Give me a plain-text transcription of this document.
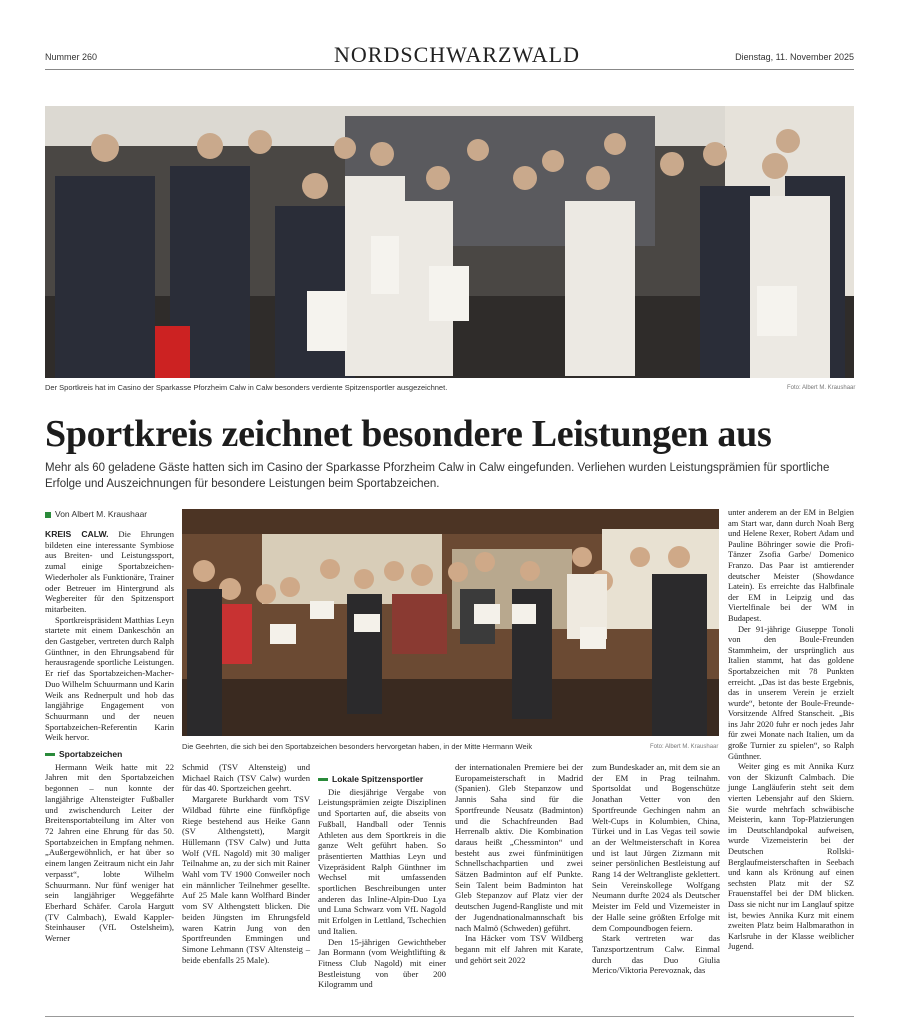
Nummer 260	NORDSCHWARZWALD	Dienstag, 11. November 2025
Der Sportkreis hat im Casino der Sparkasse Pforzheim Calw in Calw besonders verdiente Spitzensportler ausgezeichnet.	Foto: Albert M. Kraushaar
Sportkreis zeichnet besondere Leistungen aus
Mehr als 60 geladene Gäste hatten sich im Casino der Sparkasse Pforzheim Calw in Calw eingefunden. Verliehen wurden Leistungsprämien für sportliche Erfolge und Auszeichnungen für besondere Leistungen beim Sportabzeichen.
Von Albert M. Kraushaar
Die Geehrten, die sich bei den Sportabzeichen besonders hervorgetan haben, in der Mitte Hermann Weik	Foto: Albert M. Kraushaar

KREIS CALW. Die Ehrungen bildeten eine interessante Symbiose aus Breiten- und Leistungssport, zumal einige Sportabzeichen-Wiederholer als Funktionäre, Trainer oder Betreuer im Hintergrund als Wegbereiter für den Spitzensport mitarbeiten.

Sportkreispräsident Matthias Leyn startete mit einem Dankeschön an den Gastgeber, vertreten durch Ralph Günthner, in den Ehrungsabend für herausragende sportliche Leistungen. Er rief das Sportabzeichen-Macher-Duo Wilhelm Schuurmann und Karin Weik ans Rednerpult und hob das langjährige Engagement von Schuurmann und der neuen Sportabzeichen-Referentin Karin Weik hervor.

Sportabzeichen

Hermann Weik hatte mit 22 Jahren mit den Sportabzeichen begonnen – nun konnte der langjährige Altensteigter Fußballer und zwischendurch Leiter der Breitensportabteilung im Alter von 72 Jahren eine Ehrung für das 50. Sportabzeichen in Empfang nehmen. „Außergewöhnlich, er hat über so einem langen Zeitraum nicht ein Jahr verpasst“, lobte Wilhelm Schuurmann. Nur fünf weniger hat sein langjähriger Weggefährte Eberhard Schäfer. Carola Hargutt (TV Calmbach), Ewald Kappler-Steinhauser (VfL Ostelsheim), Werner

Schmid (TSV Altensteig) und Michael Raich (TSV Calw) wurden für das 40. Sportzeichen geehrt.

Margarete Burkhardt vom TSV Wildbad führte eine fünfköpfige Riege bestehend aus Heike Gann (SV Althengstett), Margit Hüllemann (TSV Calw) und Jutta Wolf (VfL Nagold) mit 30 maliger Teilnahme an, zu der sich mit Rainer Wahl vom TV 1900 Conweiler noch ein männlicher Teilnehmer gesellte. Auf 25 Male kann Wolfhard Binder vom SV Althengstett blicken. Die beiden Jüngsten im Ehrungsfeld waren Katrin Jung von den Sportfreunden Emmingen und Simone Lehmann (TSV Altensteig – beide ebenfalls 25 Male).

Lokale Spitzensportler

Die diesjährige Vergabe von Leistungsprämien zeigte Disziplinen und Sportarten auf, die abseits von Fußball, Handball oder Tennis Athleten aus dem Sportkreis in die ganze Welt geführt haben. So präsentierten Matthias Leyn und Vizepräsident Ralph Günthner im Wechsel mit umfassenden sportlichen Beschreibungen unter anderen das Inline-Alpin-Duo Lya und Luna Schwarz vom VfL Nagold mit Erfolgen in Lettland, Tschechien und Italien.

Den 15-jährigen Gewichtheber Jan Bormann (vom Weightlifting & Fitness Club Nagold) mit einer Bestleistung von über 200 Kilogramm und

der internationalen Premiere bei der Europameisterschaft in Madrid (Spanien). Gleb Stepanzow und Jannis Saha sind für die Sportfreunde Neusatz (Badminton) und die Schachfreunden Bad Herrenalb aktiv. Die Kombination daraus heißt „Chessminton“ und besteht aus zwei fünfminütigen Schnellschachpartien und zwei Sätzen Badminton auf elf Punkte. Sein Talent beim Badminton hat Gleb Stepanzov auf Platz vier der deutschen Jugend-Rangliste und mit der Jugendnationalmannschaft bis nach Malmö (Schweden) geführt.

Ina Häcker vom TSV Wildberg begann mit elf Jahren mit Karate, und gehört seit 2022

zum Bundeskader an, mit dem sie an der EM in Prag teilnahm. Sportsoldat und Bogenschütze Jonathan Vetter von den Sportfreunde Gechingen nahm an Welt-Cups in Kolumbien, China, Türkei und in Las Vegas teil sowie an der Weltmeisterschaft in Korea und ist laut Jürgen Zizmann mit seiner persönlichen Bestleistung auf Rang 14 der Weltrangliste geklettert. Sein Vereinskollege Wolfgang Neumann durfte 2024 als Deutscher Meister im Feld und Vizemeister in der Halle seine größten Erfolge mit dem Compoundbogen feiern.

Stark vertreten war das Tanzsportzentrum Calw. Einmal durch das Duo Giulia Merico/Viktoria Perevoznak, das

unter anderem an der EM in Belgien am Start war, dann durch Noah Berg und Helene Rexer, Robert Adam und Pauline Böhringer sowie die Profi-Tänzer Zsofia Garbe/ Domenico Franzo. Das Paar ist amtierender deutscher Meister (Showdance Latein). Es erreichte das Halbfinale der EM in Leipzig und das Viertelfinale bei der WM in Budapest.

Der 91-jährige Giuseppe Tonoli von den Boule-Freunden Stammheim, der ursprünglich aus Italien stammt, hat das goldene Sportabzeichen mit 78 Punkten erreicht. „Das ist das beste Ergebnis, das in unserem Verein je erzielt wurde“, betonte der Boule-Freunde-Vorsitzende Alfred Stanscheit. „Bis ins Jahr 2020 fuhr er noch jedes Jahr für zwei Monate nach Italien, um da große Turnier zu spielen“, so Ralph Günthner.

Weiter ging es mit Annika Kurz von der Skizunft Calmbach. Die junge Langläuferin steht seit dem vierten Lebensjahr auf den Skiern. Sie wurde mehrfach schwäbische Meisterin, kann Top-Platzierungen im Deutschlandpokal aufweisen, wurde Vizemeisterin bei der Deutschen Rollski-Berglaufmeisterschaften in Seebach und kann als Krönung auf einen sechsten Platz mit der SZ Frauenstaffel bei der DM blicken. Dass sie nicht nur im Langlauf spitze ist, bewies Annika Kurz mit einem zweiten Platz beim Halbmarathon in Karlsruhe in der Klasse weiblicher Jugend.
